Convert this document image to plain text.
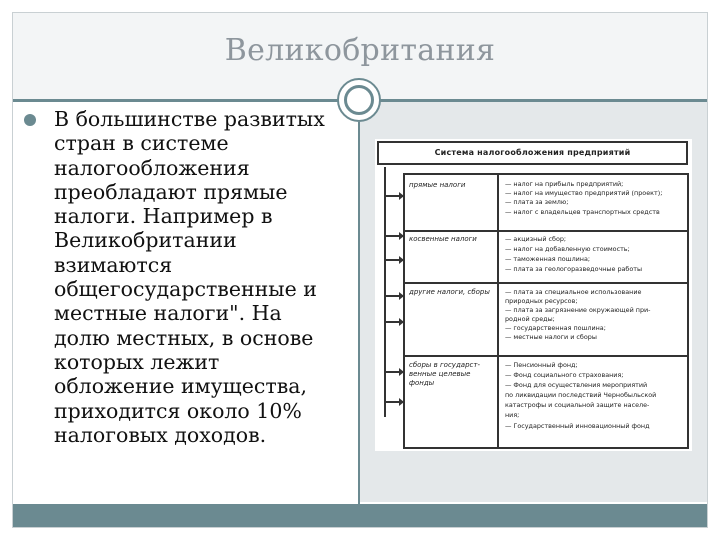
Великобритания
В большинстве развитых
стран в системе
налогообложения
преобладают прямые
налоги. Например в
Великобритании
взимаются
общегосударственные и
местные налоги". На
долю местных, в основе
которых лежит
обложение имущества,
приходится около 10%
налоговых доходов.
Система налогообложения предприятий
прямые налоги	— налог на прибыль предприятий;
— налог на имущество предприятий (проект);
— плата за землю;
— налог с владельцев транспортных средств
косвенные налоги	— акцизный сбор;
— налог на добавленную стоимость;
— таможенная пошлина;
— плата за геологоразведочные работы
другие налоги, сборы	— плата за специальное использование
природных ресурсов;
— плата за загрязнение окружающей при-
родной среды;
— государственная пошлина;
— местные налоги и сборы
сборы в государст- венные целевые фонды
— Пенсионный фонд;
— Фонд социального страхования;
— Фонд для осуществления мероприятий
по ликвидации последствий Чернобыльской
катастрофы и социальной защите населе-
ния;
— Государственный инновационный фонд
